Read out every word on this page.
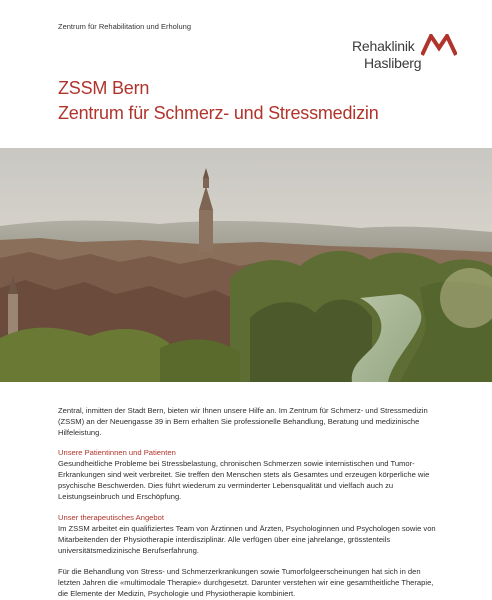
Zentrum für Rehabilitation und Erholung
Rehaklinik
Hasliberg
ZSSM Bern
Zentrum für Schmerz- und Stressmedizin

Zentral, inmitten der Stadt Bern, bieten wir Ihnen unsere Hilfe an. Im Zentrum für Schmerz- und Stressmedizin (ZSSM) an der Neuengasse 39 in Bern erhalten Sie professionelle Behandlung, Beratung und medizinische Hilfeleistung.

Unsere Patientinnen und Patienten

Gesundheitliche Probleme bei Stressbelastung, chronischen Schmerzen sowie internistischen und Tumor-Erkrankungen sind weit verbreitet. Sie treffen den Menschen stets als Gesamtes und erzeugen körperliche wie psychische Beschwerden. Dies führt wiederum zu verminderter Lebensqualität und vielfach auch zu Leistungseinbruch und Erschöpfung.

Unser therapeutisches Angebot

Im ZSSM arbeitet ein qualifiziertes Team von Ärztinnen und Ärzten, Psychologinnen und Psychologen sowie von Mitarbeitenden der Physiotherapie interdisziplinär. Alle verfügen über eine jahrelange, grösstenteils universitätsmedizinische Berufserfahrung.

Für die Behandlung von Stress- und Schmerzerkrankungen sowie Tumorfolgeerscheinungen hat sich in den letzten Jahren die «multimodale Therapie» durchgesetzt. Darunter verstehen wir eine gesamtheitliche Therapie, die Elemente der Medizin, Psychologie und Physiotherapie kombiniert.
